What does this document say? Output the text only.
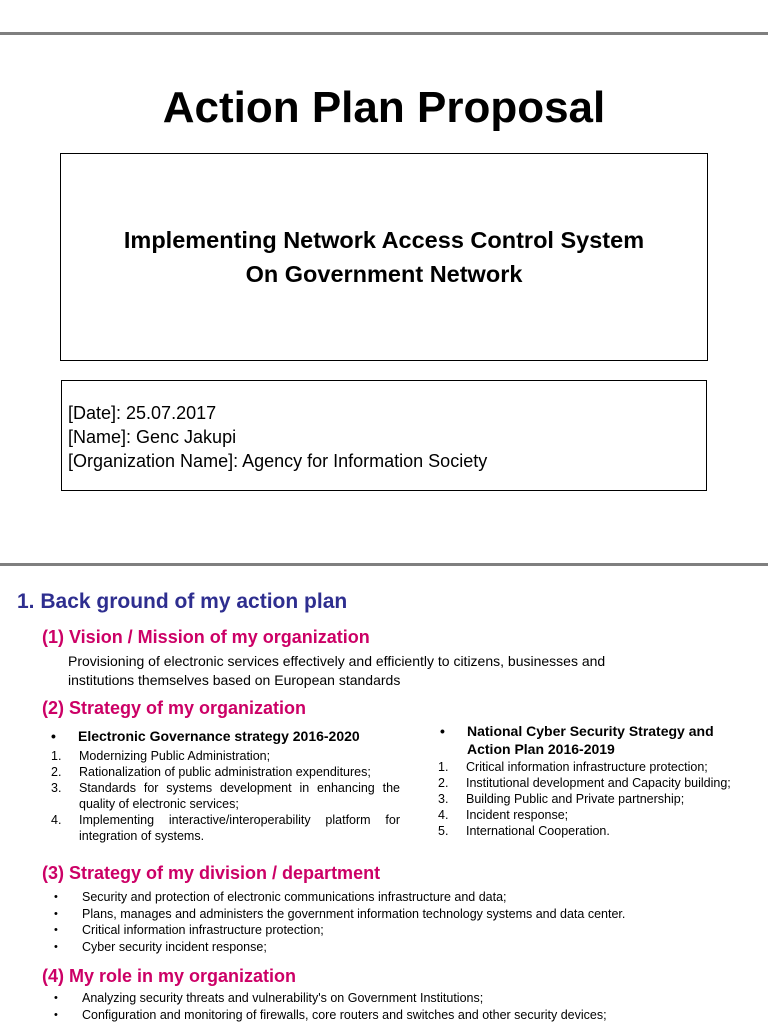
Action Plan Proposal
Implementing Network Access Control System
On Government Network
[Date]: 25.07.2017
[Name]: Genc Jakupi
[Organization Name]: Agency for Information Society
1. Back ground of my action plan
(1) Vision / Mission of my organization
Provisioning of electronic services effectively and efficiently to citizens, businesses and
institutions themselves based on European standards
(2) Strategy of my organization
• Electronic Governance strategy 2016-2020
1. Modernizing Public Administration;
2. Rationalization of public administration expenditures;
3. Standards for systems development in enhancing the quality of electronic services;
4. Implementing interactive/interoperability platform for integration of systems.
• National Cyber Security Strategy and
Action Plan 2016-2019
1. Critical information infrastructure protection;
2. Institutional development and Capacity building;
3. Building Public and Private partnership;
4. Incident response;
5. International Cooperation.
(3) Strategy of my division / department
• Security and protection of electronic communications infrastructure and data;
• Plans, manages and administers the government information technology systems and data center.
• Critical information infrastructure protection;
• Cyber security incident response;
(4) My role in my organization
• Analyzing security threats and vulnerability's on Government Institutions;
• Configuration and monitoring of firewalls, core routers and switches and other security devices;
